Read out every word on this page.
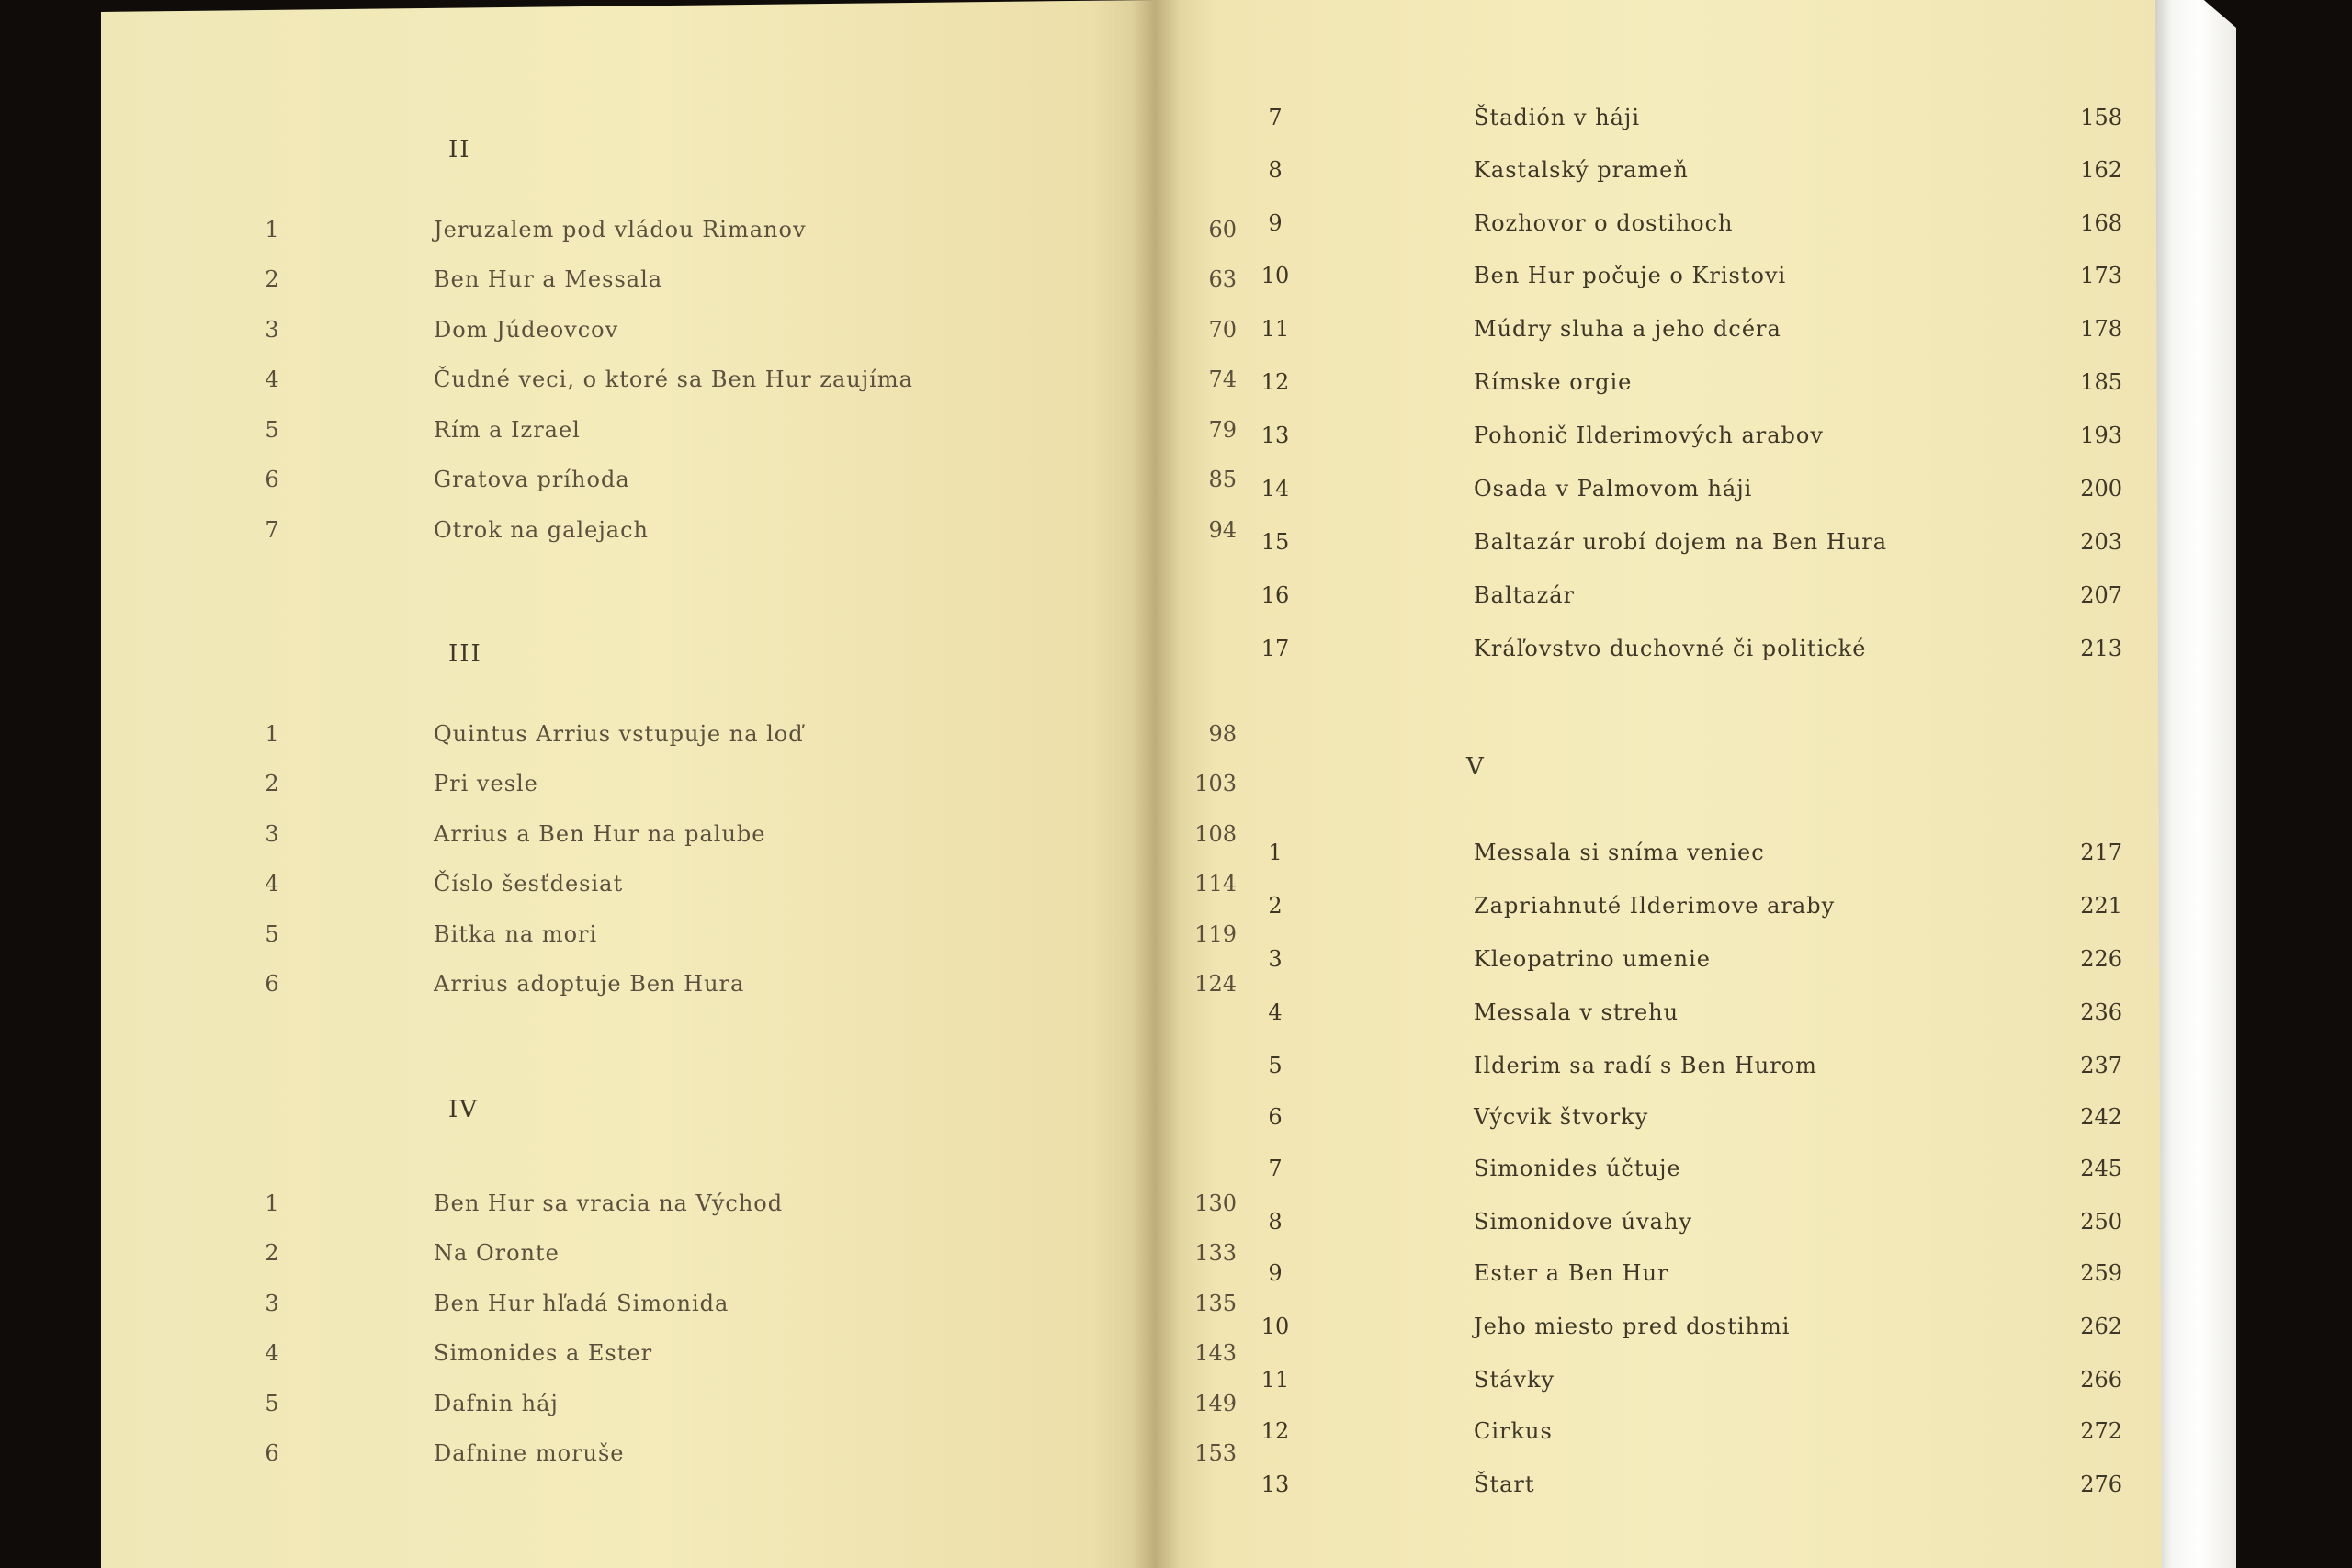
II
1	Jeruzalem pod vládou Rimanov	60
2	Ben Hur a Messala	63
3	Dom Júdeovcov	70
4	Čudné veci, o ktoré sa Ben Hur zaujíma	74
5	Rím a Izrael	79
6	Gratova príhoda	85
7	Otrok na galejach	94
III
1	Quintus Arrius vstupuje na loď	98
2	Pri vesle	103
3	Arrius a Ben Hur na palube	108
4	Číslo šesťdesiat	114
5	Bitka na mori	119
6	Arrius adoptuje Ben Hura	124
IV
1	Ben Hur sa vracia na Východ	130
2	Na Oronte	133
3	Ben Hur hľadá Simonida	135
4	Simonides a Ester	143
5	Dafnin háj	149
6	Dafnine moruše	153
7	Štadión v háji	158
8	Kastalský prameň	162
9	Rozhovor o dostihoch	168
10	Ben Hur počuje o Kristovi	173
11	Múdry sluha a jeho dcéra	178
12	Rímske orgie	185
13	Pohonič Ilderimových arabov	193
14	Osada v Palmovom háji	200
15	Baltazár urobí dojem na Ben Hura	203
16	Baltazár	207
17	Kráľovstvo duchovné či politické	213
V
1	Messala si sníma veniec	217
2	Zapriahnuté Ilderimove araby	221
3	Kleopatrino umenie	226
4	Messala v strehu	236
5	Ilderim sa radí s Ben Hurom	237
6	Výcvik štvorky	242
7	Simonides účtuje	245
8	Simonidove úvahy	250
9	Ester a Ben Hur	259
10	Jeho miesto pred dostihmi	262
11	Stávky	266
12	Cirkus	272
13	Štart	276
